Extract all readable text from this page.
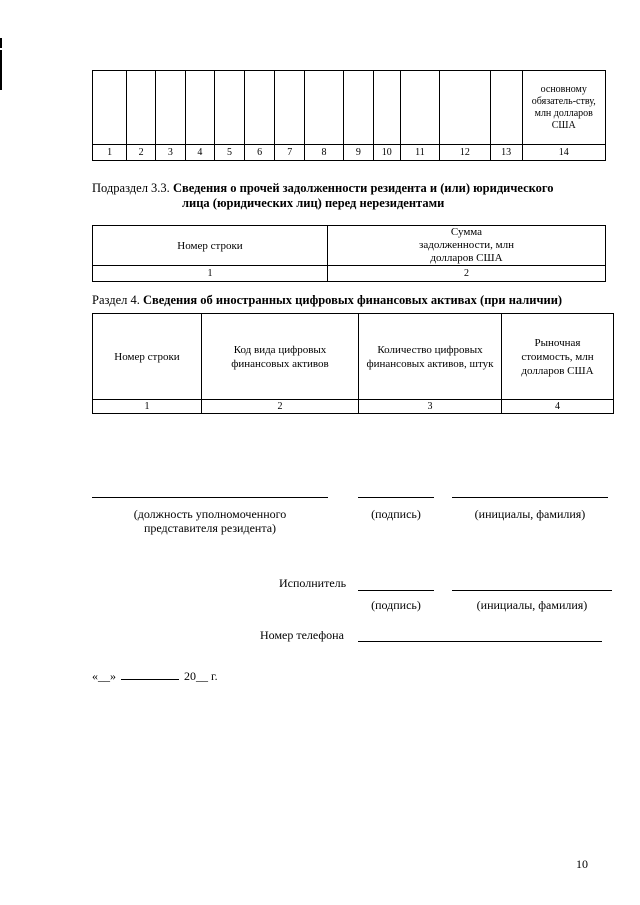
													основному обязатель-ству, млн долларов США
1	2	3	4	5	6	7	8	9	10	11	12	13	14
Подраздел 3.3. Сведения о прочей задолженности резидента и (или) юридического
лица (юридических лиц) перед нерезидентами
Номер строки	Сумма задолженности, млн долларов США
1	2
Раздел 4. Сведения об иностранных цифровых финансовых активах (при наличии)
Номер строки	Код вида цифровых финансовых активов	Количество цифровых финансовых активов, штук	Рыночная стоимость, млн долларов США
1	2	3	4
(должность уполномоченного представителя резидента)
(подпись)	(инициалы, фамилия)
Исполнитель
(подпись)	(инициалы, фамилия)
Номер телефона
«__»	20__ г.
10
